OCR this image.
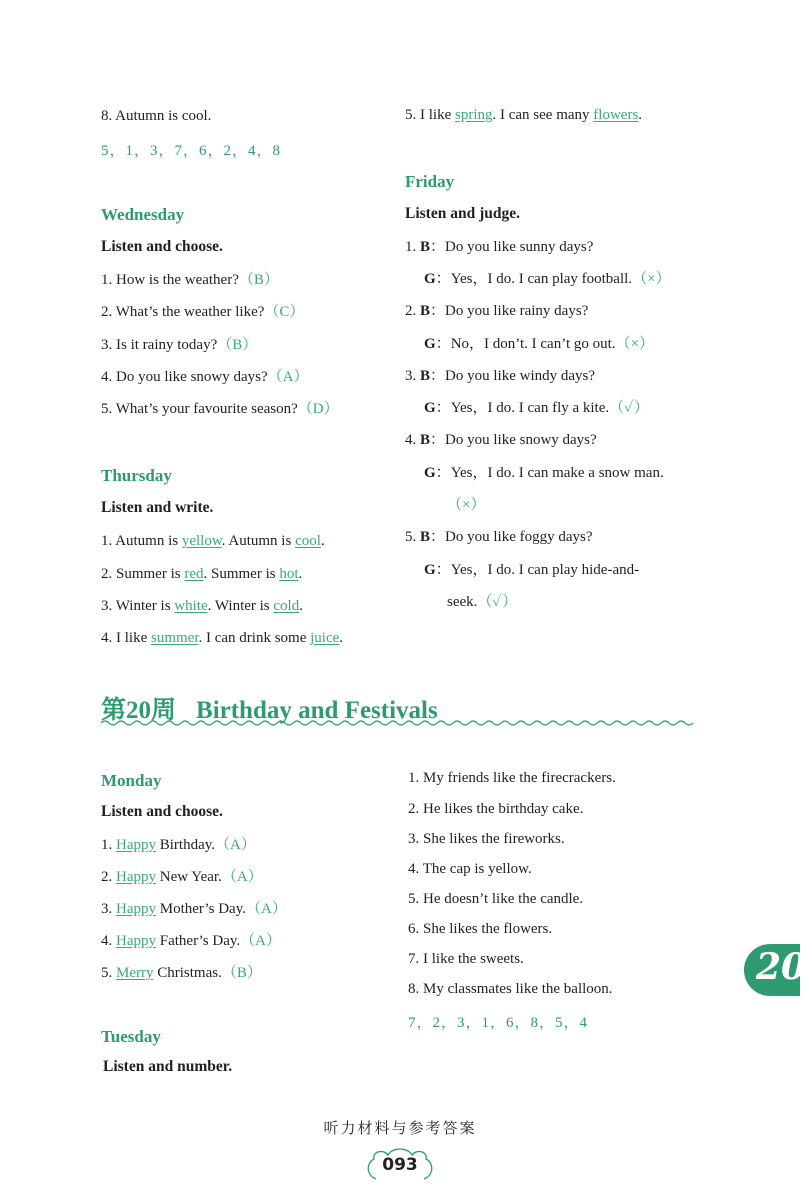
8. Autumn is cool.
5，1，3，7，6，2，4，8
Wednesday
Listen and choose.
1. How is the weather?（B）
2. What’s the weather like?（C）
3. Is it rainy today?（B）
4. Do you like snowy days?（A）
5. What’s your favourite season?（D）
Thursday
Listen and write.
1. Autumn is yellow. Autumn is cool.
2. Summer is red. Summer is hot.
3. Winter is white. Winter is cold.
4. I like summer. I can drink some juice.
5. I like spring. I can see many flowers.
Friday
Listen and judge.
1. B：Do you like sunny days?
G：Yes，I do. I can play football.（×）
2. B：Do you like rainy days?
G：No，I don’t. I can’t go out.（×）
3. B：Do you like windy days?
G：Yes，I do. I can fly a kite.（✓）
4. B：Do you like snowy days?
G：Yes，I do. I can make a snow man.
（×）
5. B：Do you like foggy days?
G：Yes，I do. I can play hide-and-
seek.（✓）
第20周 Birthday and Festivals
Monday
Listen and choose.
1. Happy Birthday.（A）
2. Happy New Year.（A）
3. Happy Mother’s Day.（A）
4. Happy Father’s Day.（A）
5. Merry Christmas.（B）
Tuesday
Listen and number.
1. My friends like the firecrackers.
2. He likes the birthday cake.
3. She likes the fireworks.
4. The cap is yellow.
5. He doesn’t like the candle.
6. She likes the flowers.
7. I like the sweets.
8. My classmates like the balloon.
7，2，3，1，6，8，5，4
20
听力材料与参考答案
093
